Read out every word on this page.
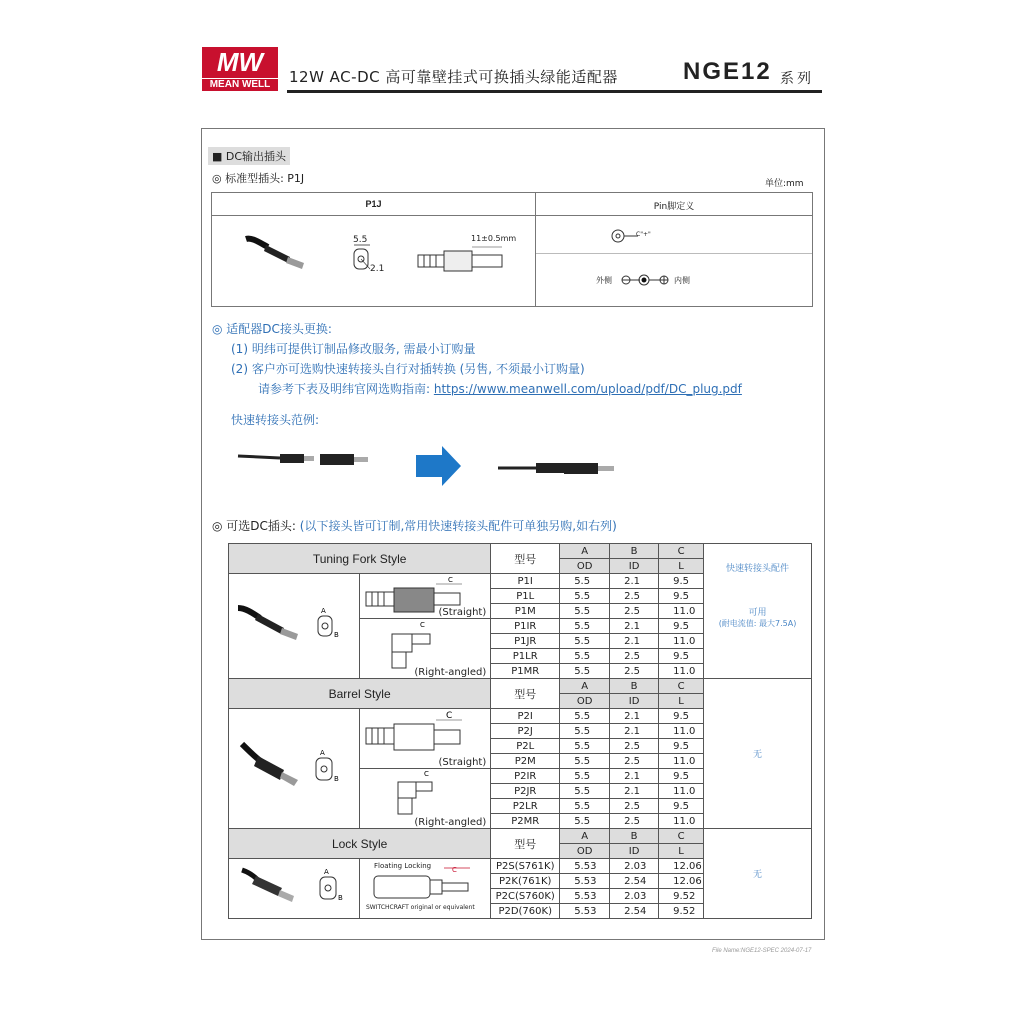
MW
MEAN WELL	12W AC-DC 高可靠壁挂式可换插头绿能适配器	NGE12 系列
■ DC输出插头
◎ 标准型插头: P1J	单位:mm
P1J	Pin脚定义
5.5
2.1
11±0.5mm	C"+"
外侧	内侧
◎ 适配器DC接头更换:
(1) 明纬可提供订制品修改服务, 需最小订购量
(2) 客户亦可选购快速转接头自行对插转换 (另售, 不须最小订购量)
请参考下表及明纬官网选购指南: https://www.meanwell.com/upload/pdf/DC_plug.pdf
快速转接头范例:
◎ 可选DC插头: (以下接头皆可订制,常用快速转接头配件可单独另购,如右列)
Tuning Fork Style		型号	A	B	C	快速转接头配件
可用
(耐电流值: 最大7.5A)

			OD	ID	L	
	(Straight)	P1I	5.5	2.1	9.5	
		P1L	5.5	2.5	9.5	
		P1M	5.5	2.5	11.0	
	(Right-angled)	P1IR	5.5	2.1	9.5	
		P1JR	5.5	2.1	11.0	
		P1LR	5.5	2.5	9.5	
		P1MR	5.5	2.5	11.0	
Barrel Style		型号	A	B	C	无

			OD	ID	L	
	(Straight)	P2I	5.5	2.1	9.5	
		P2J	5.5	2.1	11.0	
		P2L	5.5	2.5	9.5	
		P2M	5.5	2.5	11.0	
	(Right-angled)	P2IR	5.5	2.1	9.5	
		P2JR	5.5	2.1	11.0	
		P2LR	5.5	2.5	9.5	
		P2MR	5.5	2.5	11.0	
Lock Style		型号	A	B	C	无

			OD	ID	L	
		P2S(S761K)	5.53	2.03	12.06	
		P2K(761K)	5.53	2.54	12.06	
		P2C(S760K)	5.53	2.03	9.52	
		P2D(760K)	5.53	2.54	9.52	
A
B
C
C
A
B
C
C
A
B
C
Floating Locking
SWITCHCRAFT original or equivalent
File Name:NGE12-SPEC 2024-07-17
